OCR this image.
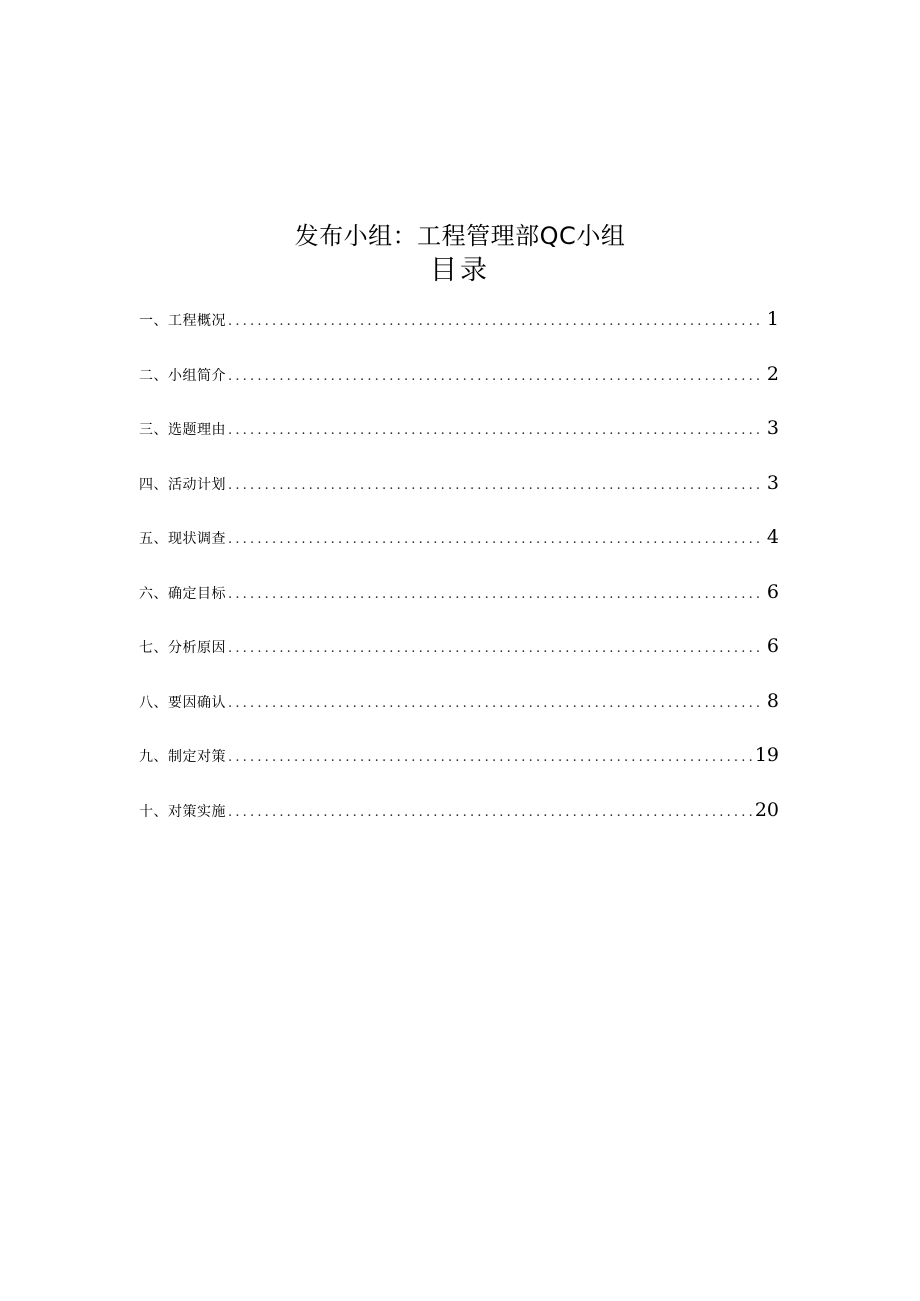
发布小组：工程管理部QC小组
目录
一、工程概况 .....	1
二、小组简介 .....	2
三、选题理由 .....	3
四、活动计划 .....	3
五、现状调查 .....	4
六、确定目标 .....	6
七、分析原因 .....	6
八、要因确认 .....	8
九、制定对策 .....	19
十、对策实施 .....	20
